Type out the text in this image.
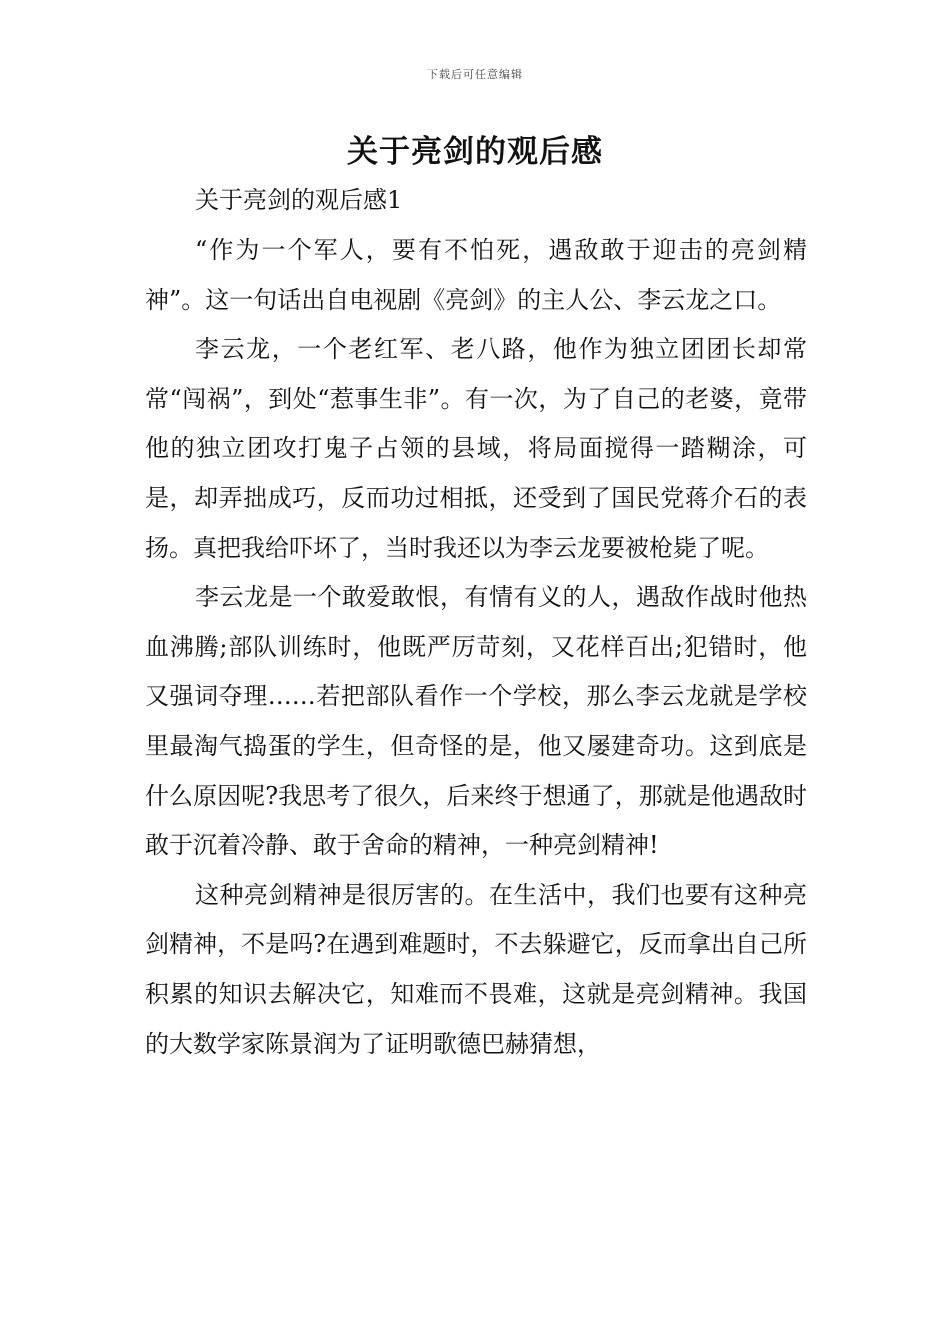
下载后可任意编辑
关于亮剑的观后感

关于亮剑的观后感1

“作为一个军人，要有不怕死，遇敌敢于迎击的亮剑精神”。这一句话出自电视剧《亮剑》的主人公、李云龙之口。

李云龙，一个老红军、老八路，他作为独立团团长却常常“闯祸”，到处“惹事生非”。有一次，为了自己的老婆，竟带他的独立团攻打鬼子占领的县域，将局面搅得一踏糊涂，可是，却弄拙成巧，反而功过相抵，还受到了国民党蒋介石的表扬。真把我给吓坏了，当时我还以为李云龙要被枪毙了呢。

李云龙是一个敢爱敢恨，有情有义的人，遇敌作战时他热血沸腾;部队训练时，他既严厉苛刻，又花样百出;犯错时，他又强词夺理……若把部队看作一个学校，那么李云龙就是学校里最淘气捣蛋的学生，但奇怪的是，他又屡建奇功。这到底是什么原因呢?我思考了很久，后来终于想通了，那就是他遇敌时敢于沉着冷静、敢于舍命的精神，一种亮剑精神!

这种亮剑精神是很厉害的。在生活中，我们也要有这种亮剑精神，不是吗?在遇到难题时，不去躲避它，反而拿出自己所积累的知识去解决它，知难而不畏难，这就是亮剑精神。我国的大数学家陈景润为了证明歌德巴赫猜想，
